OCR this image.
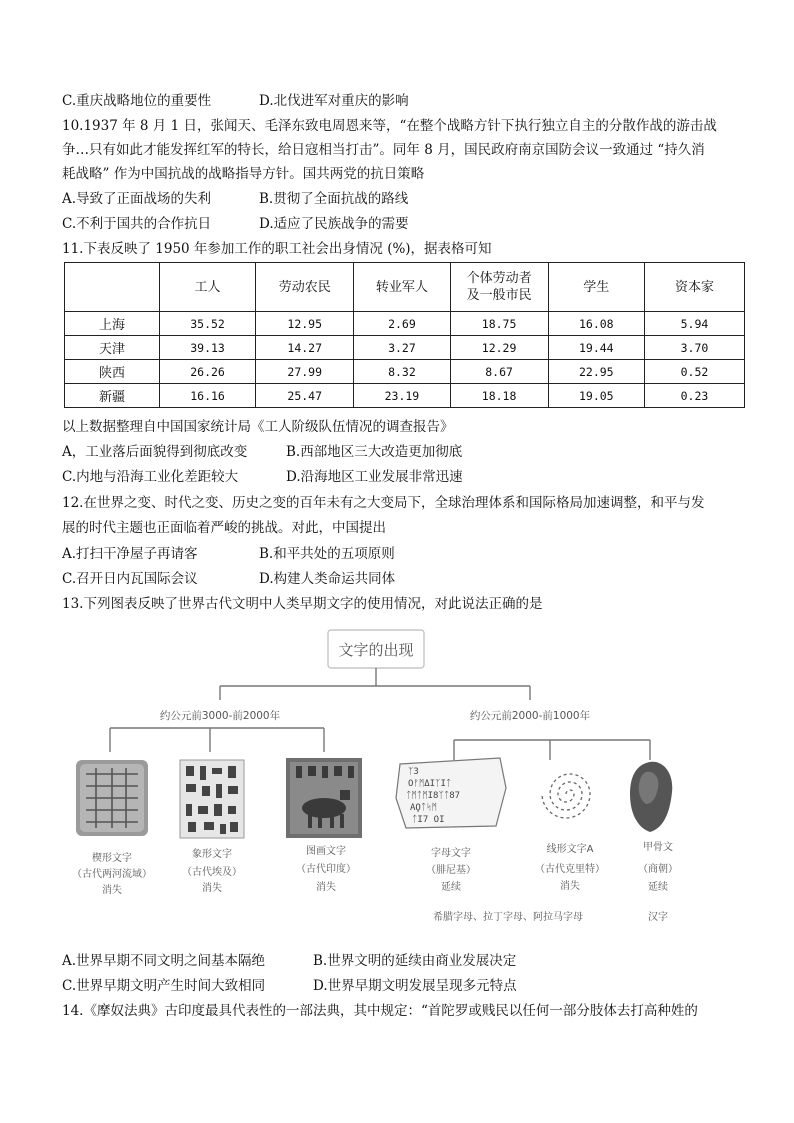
C.重庆战略地位的重要性	D.北伐进军对重庆的影响
10.1937 年 8 月 1 日，张闻天、毛泽东致电周恩来等，“在整个战略方针下执行独立自主的分散作战的游击战
争…只有如此才能发挥红军的特长，给日寇相当打击”。同年 8 月，国民政府南京国防会议一致通过 “持久消
耗战略” 作为中国抗战的战略指导方针。国共两党的抗日策略
A.导致了正面战场的失利	B.贯彻了全面抗战的路线
C.不利于国共的合作抗日	D.适应了民族战争的需要
11.下表反映了 1950 年参加工作的职工社会出身情况 (%)，据表格可知
	工人	劳动农民	转业军人	个体劳动者
及一般市民	学生	资本家
上海	35.52	12.95	2.69	18.75	16.08	5.94
天津	39.13	14.27	3.27	12.29	19.44	3.70
陕西	26.26	27.99	8.32	8.67	22.95	0.52
新疆	16.16	25.47	23.19	18.18	19.05	0.23
以上数据整理自中国国家统计局《工人阶级队伍情况的调查报告》
A，工业落后面貌得到彻底改变	B.西部地区三大改造更加彻底
C.内地与沿海工业化差距较大	D.沿海地区工业发展非常迅速
12.在世界之变、时代之变、历史之变的百年未有之大变局下，全球治理体系和国际格局加速调整，和平与发
展的时代主题也正面临着严峻的挑战。对此，中国提出
A.打扫干净屋子再请客	B.和平共处的五项原则
C.召开日内瓦国际会议	D.构建人类命运共同体
13.下列图表反映了世界古代文明中人类早期文字的使用情况，对此说法正确的是
文字的出现
约公元前3000-前2000年	约公元前2000-前1000年
ᛉ3
ΟᚠᛗΔΙᛉΙᛏ
ᛏᛗᛏᛗΙ8ᛉᛏ87
ΑϘᛏᛋᛗ
ᛏΙ7 ΟΙ
楔形文字
（古代两河流域）
消失
象形文字
（古代埃及）
消失
图画文字
（古代印度）
消失
字母文字
（腓尼基）
延续
线形文字A
（古代克里特）
消失
甲骨文
（商朝）
延续
希腊字母、拉丁字母、阿拉马字母	汉字
A.世界早期不同文明之间基本隔绝	B.世界文明的延续由商业发展决定
C.世界早期文明产生时间大致相同	D.世界早期文明发展呈现多元特点
14.《摩奴法典》古印度最具代表性的一部法典，其中规定：“首陀罗或贱民以任何一部分肢体去打高种姓的
